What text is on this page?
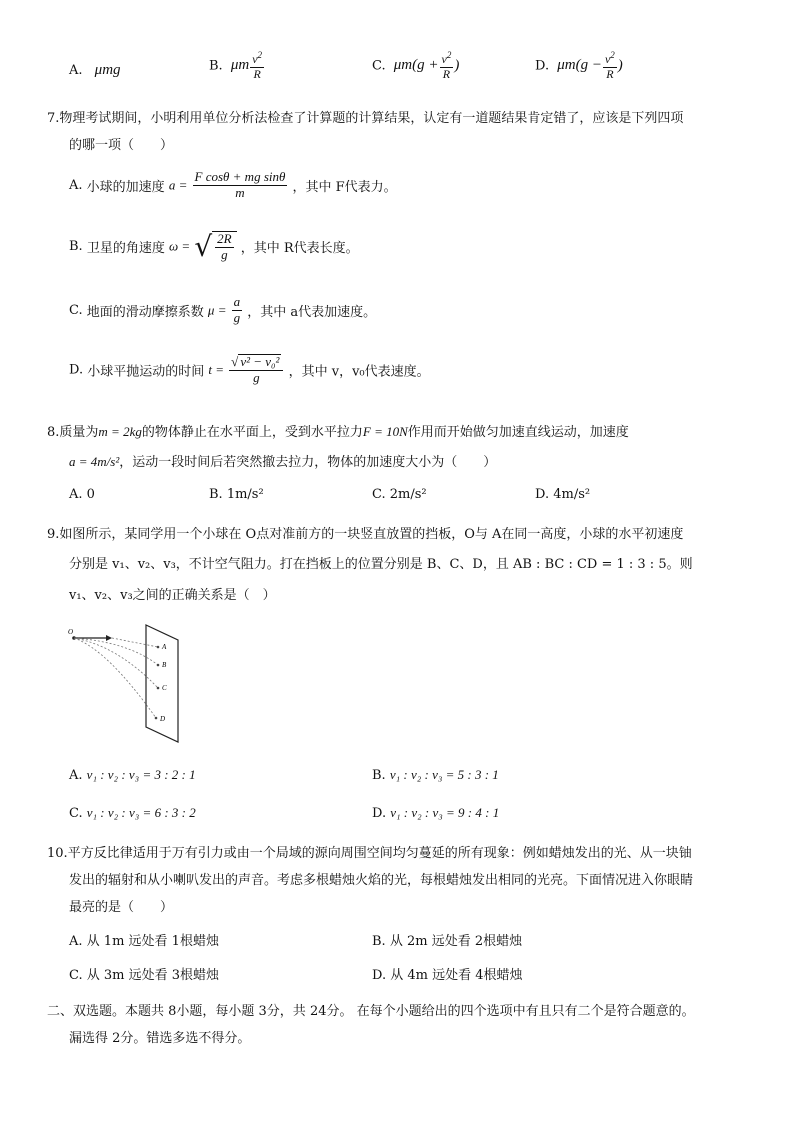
A. μmg	B. μm $\frac{v^2}{R}$	C. $\mu m(g + \frac{v^2}{R}$ )	D. $\mu m(g - \frac{v^2}{R}$ )
7.物理考试期间，小明利用单位分析法检查了计算题的计算结果，认定有一道题结果肯定错了，应该是下列四项
的哪一项（　　）
A. 小球的加速度 $a = \frac{\text{F cosθ + mg sinθ}}{m}$ ，其中 F代表力。
B. 卫星的角速度 ω = √ $\frac{2R}{g}$ ，其中 R代表长度。
C. 地面的滑动摩擦系数 $\mu = \frac{a}{g}$ ，其中 a代表加速度。
D. 小球平抛运动的时间 $t = \frac{\text{√ v² − v₀²}}{g}$ ，其中 v，v₀代表速度。
8.质量为m = 2kg的物体静止在水平面上，受到水平拉力F = 10N作用而开始做匀加速直线运动，加速度
a = 4m/s²，运动一段时间后若突然撤去拉力，物体的加速度大小为（　　）
A. 0	B. 1m/s²	C. 2m/s²	D. 4m/s²
9.如图所示，某同学用一个小球在 O点对准前方的一块竖直放置的挡板，O与 A在同一高度，小球的水平初速度
分别是 v₁、v₂、v₃，不计空气阻力。打在挡板上的位置分别是 B、C、D，且 AB : BC : CD = 1 : 3 : 5。则
v₁、v₂、v₃之间的正确关系是（　）
O
A
B
C
D
A. v₁ : v₂ : v₃ = 3 : 2 : 1	B. v₁ : v₂ : v₃ = 5 : 3 : 1
C. v₁ : v₂ : v₃ = 6 : 3 : 2	D. v₁ : v₂ : v₃ = 9 : 4 : 1
10.平方反比律适用于万有引力或由一个局域的源向周围空间均匀蔓延的所有现象：例如蜡烛发出的光、从一块铀
发出的辐射和从小喇叭发出的声音。考虑多根蜡烛火焰的光，每根蜡烛发出相同的光亮。下面情况进入你眼睛
最亮的是（　　）
A. 从 1m 远处看 1根蜡烛	B. 从 2m 远处看 2根蜡烛
C. 从 3m 远处看 3根蜡烛	D. 从 4m 远处看 4根蜡烛
二、双选题。本题共 8小题，每小题 3分，共 24分。 在每个小题给出的四个选项中有且只有二个是符合题意的。
漏选得 2分。错选多选不得分。
